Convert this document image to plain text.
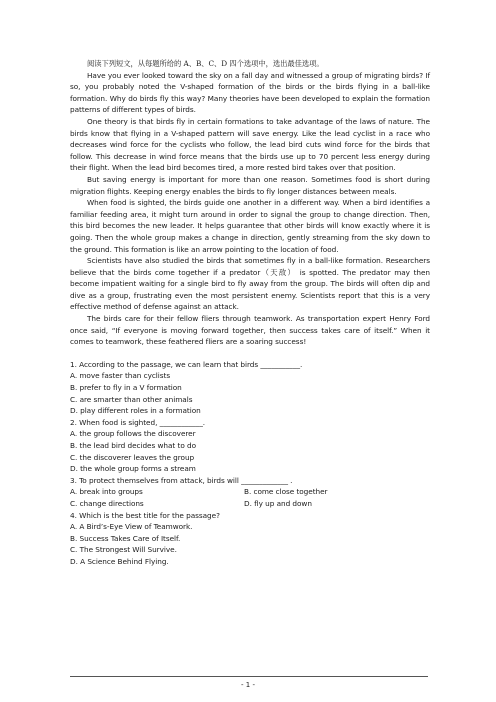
阅读下列短文，从每题所给的 A、B、C、D 四个选项中，选出最佳选项。

Have you ever looked toward the sky on a fall day and witnessed a group of migrating birds? If so, you probably noted the V-shaped formation of the birds or the birds flying in a ball-like formation. Why do birds fly this way? Many theories have been developed to explain the formation patterns of different types of birds.

One theory is that birds fly in certain formations to take advantage of the laws of nature. The birds know that flying in a V-shaped pattern will save energy. Like the lead cyclist in a race who decreases wind force for the cyclists who follow, the lead bird cuts wind force for the birds that follow. This decrease in wind force means that the birds use up to 70 percent less energy during their flight. When the lead bird becomes tired, a more rested bird takes over that position.

But saving energy is important for more than one reason. Sometimes food is short during migration flights. Keeping energy enables the birds to fly longer distances between meals.

When food is sighted, the birds guide one another in a different way. When a bird identifies a familiar feeding area, it might turn around in order to signal the group to change direction. Then, this bird becomes the new leader. It helps guarantee that other birds will know exactly where it is going. Then the whole group makes a change in direction, gently streaming from the sky down to the ground. This formation is like an arrow pointing to the location of food.

Scientists have also studied the birds that sometimes fly in a ball-like formation. Researchers believe that the birds come together if a predator（天敌） is spotted. The predator may then become impatient waiting for a single bird to fly away from the group. The birds will often dip and dive as a group, frustrating even the most persistent enemy. Scientists report that this is a very effective method of defense against an attack.

The birds care for their fellow fliers through teamwork. As transportation expert Henry Ford once said, “If everyone is moving forward together, then success takes care of itself.” When it comes to teamwork, these feathered fliers are a soaring success!

1. According to the passage, we can learn that birds ___________.

A. move faster than cyclists

B. prefer to fly in a V formation

C. are smarter than other animals

D. play different roles in a formation

2. When food is sighted, ____________.

A. the group follows the discoverer

B. the lead bird decides what to do

C. the discoverer leaves the group

D. the whole group forms a stream

3. To protect themselves from attack, birds will _____________ .

A. break into groups	B. come close together
C. change directions	D. fly up and down

4. Which is the best title for the passage?

A. A Bird’s-Eye View of Teamwork.

B. Success Takes Care of Itself.

C. The Strongest Will Survive.

D. A Science Behind Flying.

- 1 -
